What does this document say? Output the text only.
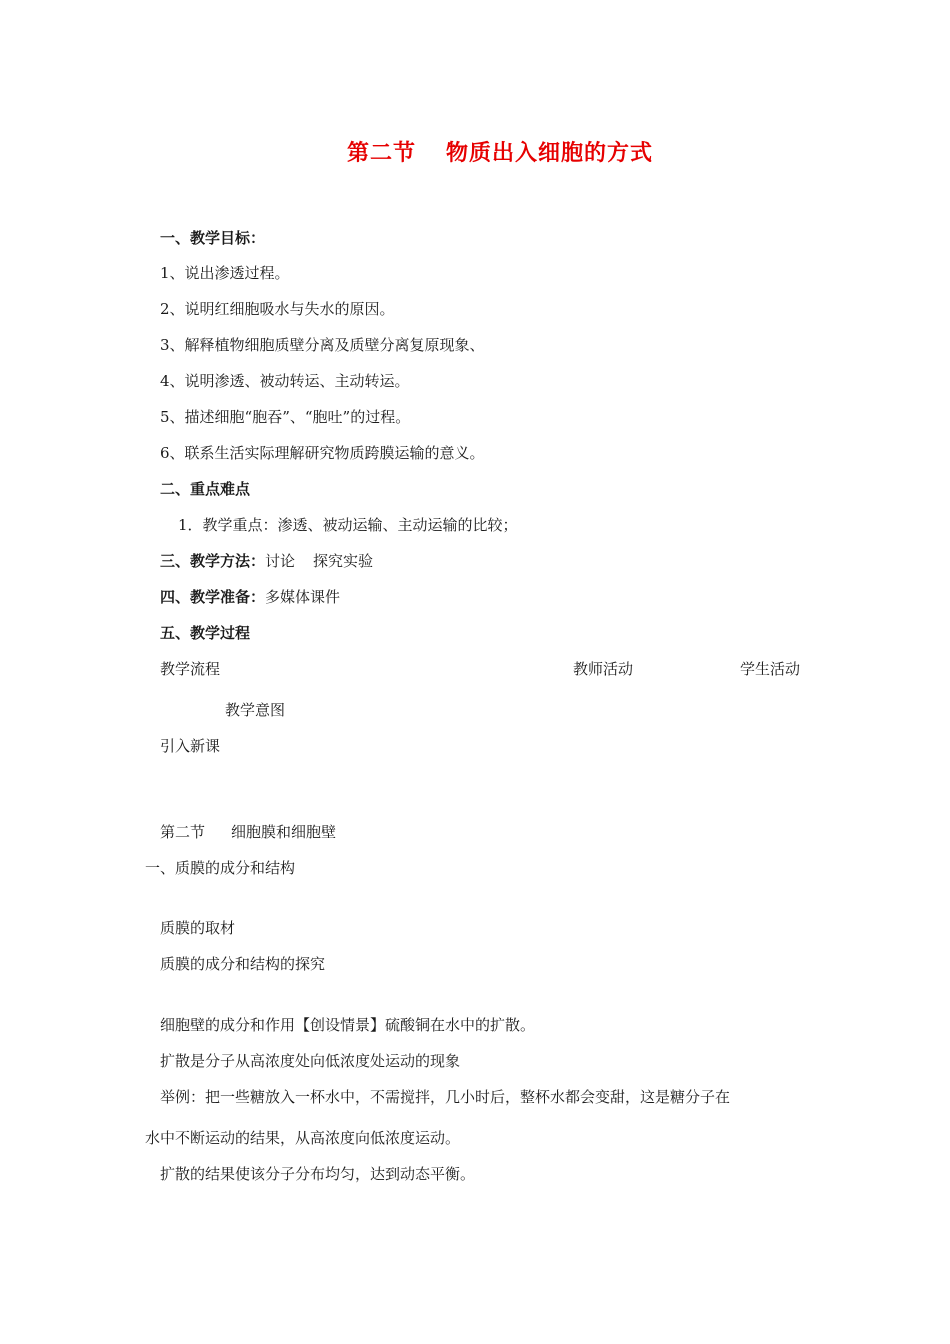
第二节 物质出入细胞的方式
一、教学目标：
1、说出渗透过程。
2、说明红细胞吸水与失水的原因。
3、解释植物细胞质壁分离及质壁分离复原现象、
4、说明渗透、被动转运、主动转运。
5、描述细胞“胞吞”、“胞吐”的过程。
6、联系生活实际理解研究物质跨膜运输的意义。
二、重点难点
1．教学重点：渗透、被动运输、主动运输的比较；
三、教学方法：讨论 探究实验
四、教学准备：多媒体课件
五、教学过程
教学流程	教师活动	学生活动
教学意图
引入新课
第二节 细胞膜和细胞壁
一、质膜的成分和结构
质膜的取材
质膜的成分和结构的探究
细胞壁的成分和作用【创设情景】硫酸铜在水中的扩散。
扩散是分子从高浓度处向低浓度处运动的现象
举例：把一些糖放入一杯水中，不需搅拌，几小时后，整杯水都会变甜，这是糖分子在
水中不断运动的结果，从高浓度向低浓度运动。
扩散的结果使该分子分布均匀，达到动态平衡。
